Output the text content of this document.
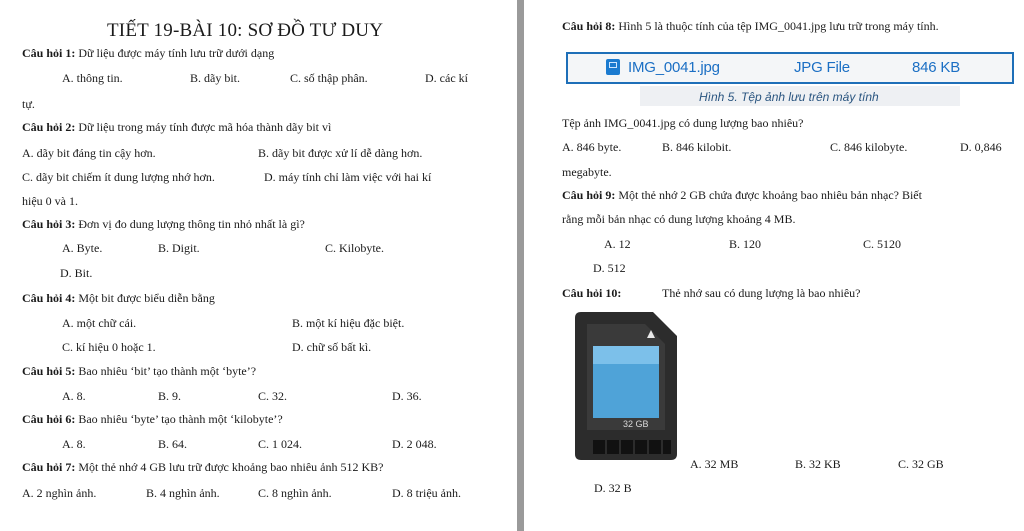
TIẾT 19-BÀI 10: SƠ ĐỒ TƯ DUY
Câu hỏi 1: Dữ liệu được máy tính lưu trữ dưới dạng
A. thông tin.	B. dãy bit.	C. số thập phân.	D. các kí
tự.
Câu hỏi 2: Dữ liệu trong máy tính được mã hóa thành dãy bit vì
A. dãy bit đáng tin cậy hơn.	B. dãy bit được xử lí dễ dàng hơn.
C. dãy bit chiếm ít dung lượng nhớ hơn.	D. máy tính chỉ làm việc với hai kí
hiệu 0 và 1.
Câu hỏi 3: Đơn vị đo dung lượng thông tin nhỏ nhất là gì?
A. Byte.	B. Digit.	C. Kilobyte.
D. Bit.
Câu hỏi 4: Một bit được biểu diễn bằng
A. một chữ cái.	B. một kí hiệu đặc biệt.
C. kí hiệu 0 hoặc 1.	D. chữ số bất kì.
Câu hỏi 5: Bao nhiêu ‘bit’ tạo thành một ‘byte’?
A. 8.	B. 9.	C. 32.	D. 36.
Câu hỏi 6: Bao nhiêu ‘byte’ tạo thành một ‘kilobyte’?
A. 8.	B. 64.	C. 1 024.	D. 2 048.
Câu hỏi 7: Một thẻ nhớ 4 GB lưu trữ được khoảng bao nhiêu ảnh 512 KB?
A. 2 nghìn ảnh.	B. 4 nghìn ảnh.	C. 8 nghìn ảnh.	D. 8 triệu ảnh.
Câu hỏi 8: Hình 5 là thuộc tính của tệp IMG_0041.jpg lưu trữ trong máy tính.
IMG_0041.jpg	JPG File	846 KB
Hình 5. Tệp ảnh lưu trên máy tính
Tệp ảnh IMG_0041.jpg có dung lượng bao nhiêu?
A. 846 byte.	B. 846 kilobit.	C. 846 kilobyte.	D. 0,846
megabyte.
Câu hỏi 9: Một thẻ nhớ 2 GB chứa được khoảng bao nhiêu bản nhạc? Biết
rằng mỗi bản nhạc có dung lượng khoảng 4 MB.
A. 12	B. 120	C. 5120
D. 512
Câu hỏi 10:	Thẻ nhớ sau có dung lượng là bao nhiêu?
32 GB
A. 32 MB	B. 32 KB	C. 32 GB
D. 32 B
